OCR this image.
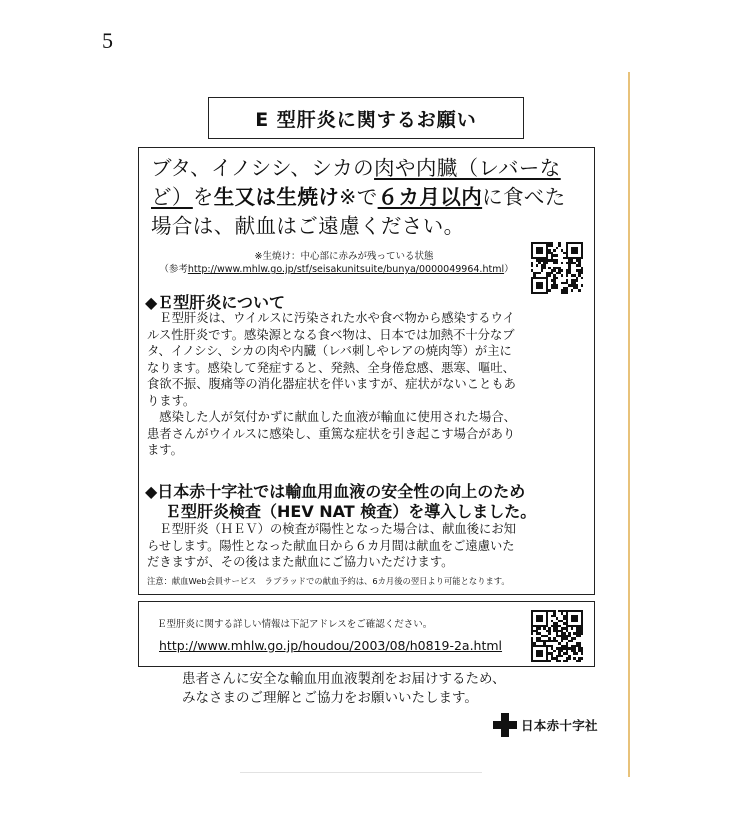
5
E 型肝炎に関するお願い
ブタ、イノシシ、シカの肉や内臓（レバーな
ど）を生又は生焼け※で６カ月以内に食べた
場合は、献血はご遠慮ください。
※生焼け：中心部に赤みが残っている状態
（参考http://www.mhlw.go.jp/stf/seisakunitsuite/bunya/0000049964.html）
◆Ｅ型肝炎について
Ｅ型肝炎は、ウイルスに汚染された水や食べ物から感染するウイ
ルス性肝炎です。感染源となる食べ物は、日本では加熱不十分なブ
タ、イノシシ、シカの肉や内臓（レバ刺しやレアの焼肉等）が主に
なります。感染して発症すると、発熱、全身倦怠感、悪寒、嘔吐、
食欲不振、腹痛等の消化器症状を伴いますが、症状がないこともあ
ります。
感染した人が気付かずに献血した血液が輸血に使用された場合、
患者さんがウイルスに感染し、重篤な症状を引き起こす場合があり
ます。
◆日本赤十字社では輸血用血液の安全性の向上のため
Ｅ型肝炎検査（HEV NAT 検査）を導入しました。
Ｅ型肝炎（ＨＥＶ）の検査が陽性となった場合は、献血後にお知
らせします。陽性となった献血日から６カ月間は献血をご遠慮いた
だきますが、その後はまた献血にご協力いただけます。
注意：献血Web会員サービス　ラブラッドでの献血予約は、6カ月後の翌日より可能となります。
Ｅ型肝炎に関する詳しい情報は下記アドレスをご確認ください。
http://www.mhlw.go.jp/houdou/2003/08/h0819-2a.html
患者さんに安全な輸血用血液製剤をお届けするため、
みなさまのご理解とご協力をお願いいたします。
日本赤十字社
